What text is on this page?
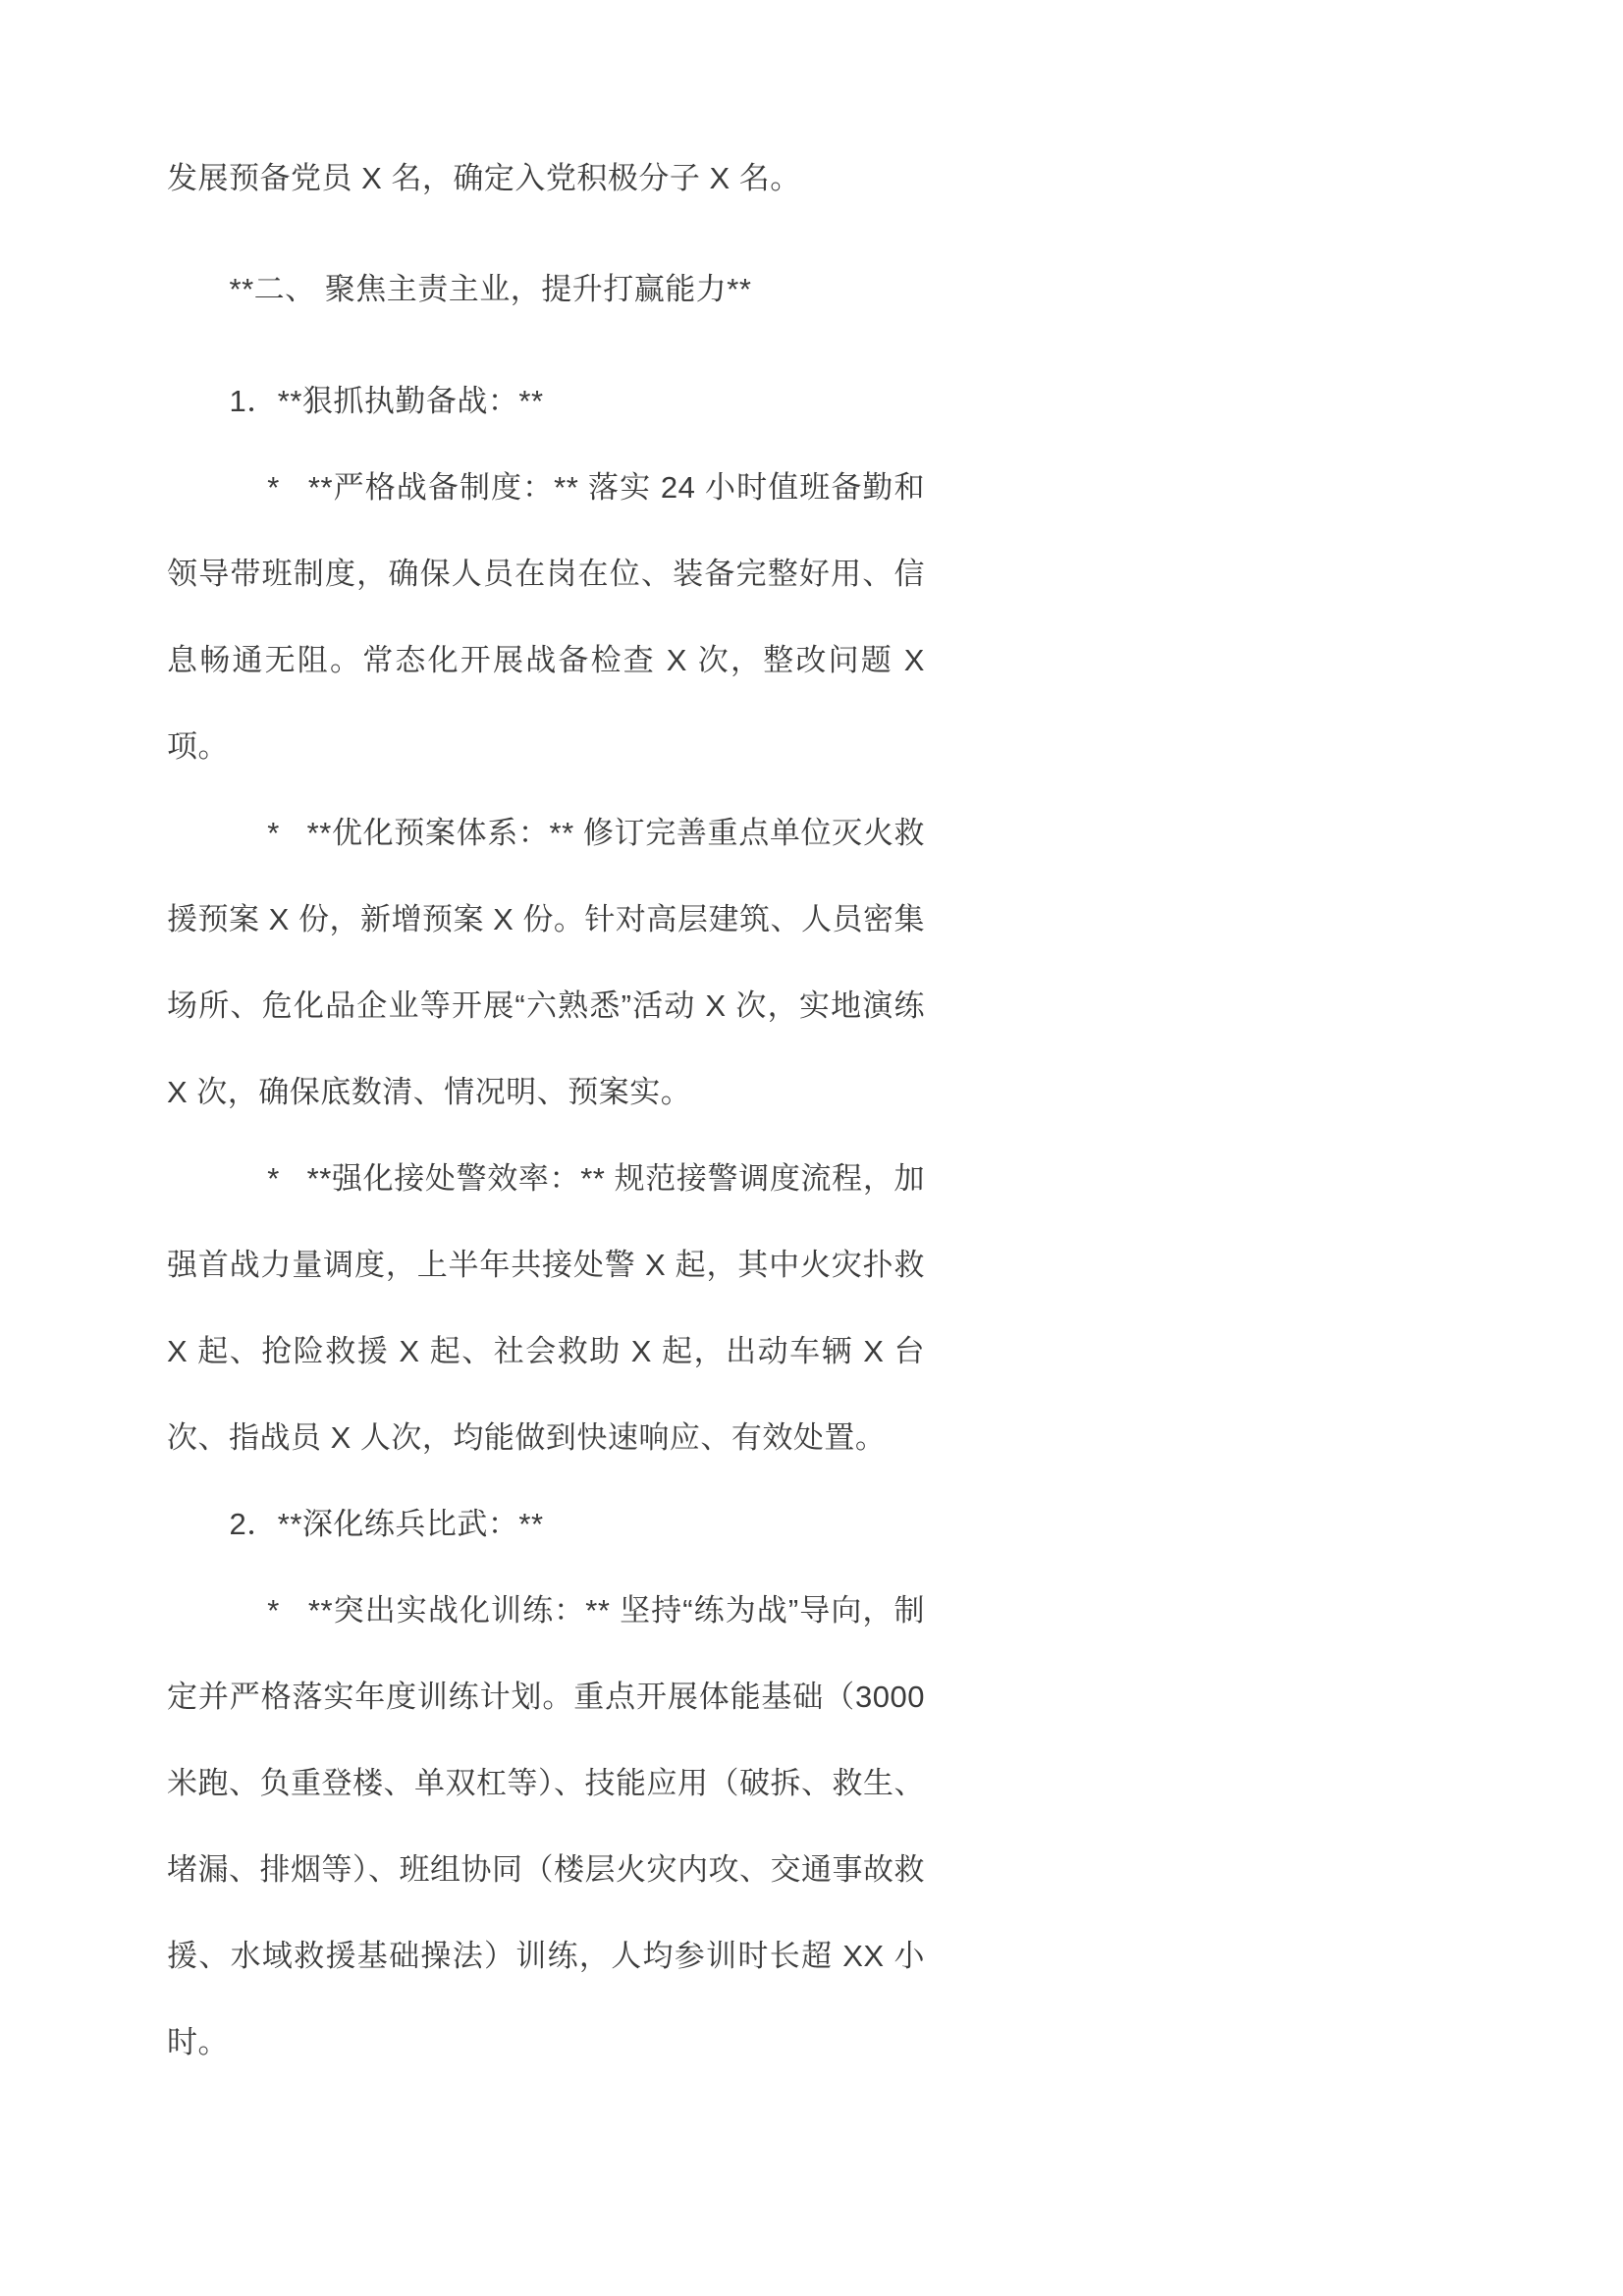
发展预备党员 X 名，确定入党积极分子 X 名。

**二、 聚焦主责主业，提升打赢能力**

1．**狠抓执勤备战：**

*   **严格战备制度：** 落实 24 小时值班备勤和领导带班制度，确保人员在岗在位、装备完整好用、信息畅通无阻。常态化开展战备检查 X 次，整改问题 X 项。

*   **优化预案体系：** 修订完善重点单位灭火救援预案 X 份，新增预案 X 份。针对高层建筑、人员密集场所、危化品企业等开展“六熟悉”活动 X 次，实地演练 X 次，确保底数清、情况明、预案实。

*   **强化接处警效率：** 规范接警调度流程，加强首战力量调度，上半年共接处警 X 起，其中火灾扑救 X 起、抢险救援 X 起、社会救助 X 起，出动车辆 X 台次、指战员 X 人次，均能做到快速响应、有效处置。

2．**深化练兵比武：**

*   **突出实战化训练：** 坚持“练为战”导向，制定并严格落实年度训练计划。重点开展体能基础（3000 米跑、负重登楼、单双杠等）、技能应用（破拆、救生、堵漏、排烟等）、班组协同（楼层火灾内攻、交通事故救援、水域救援基础操法）训练，人均参训时长超 XX 小时。
